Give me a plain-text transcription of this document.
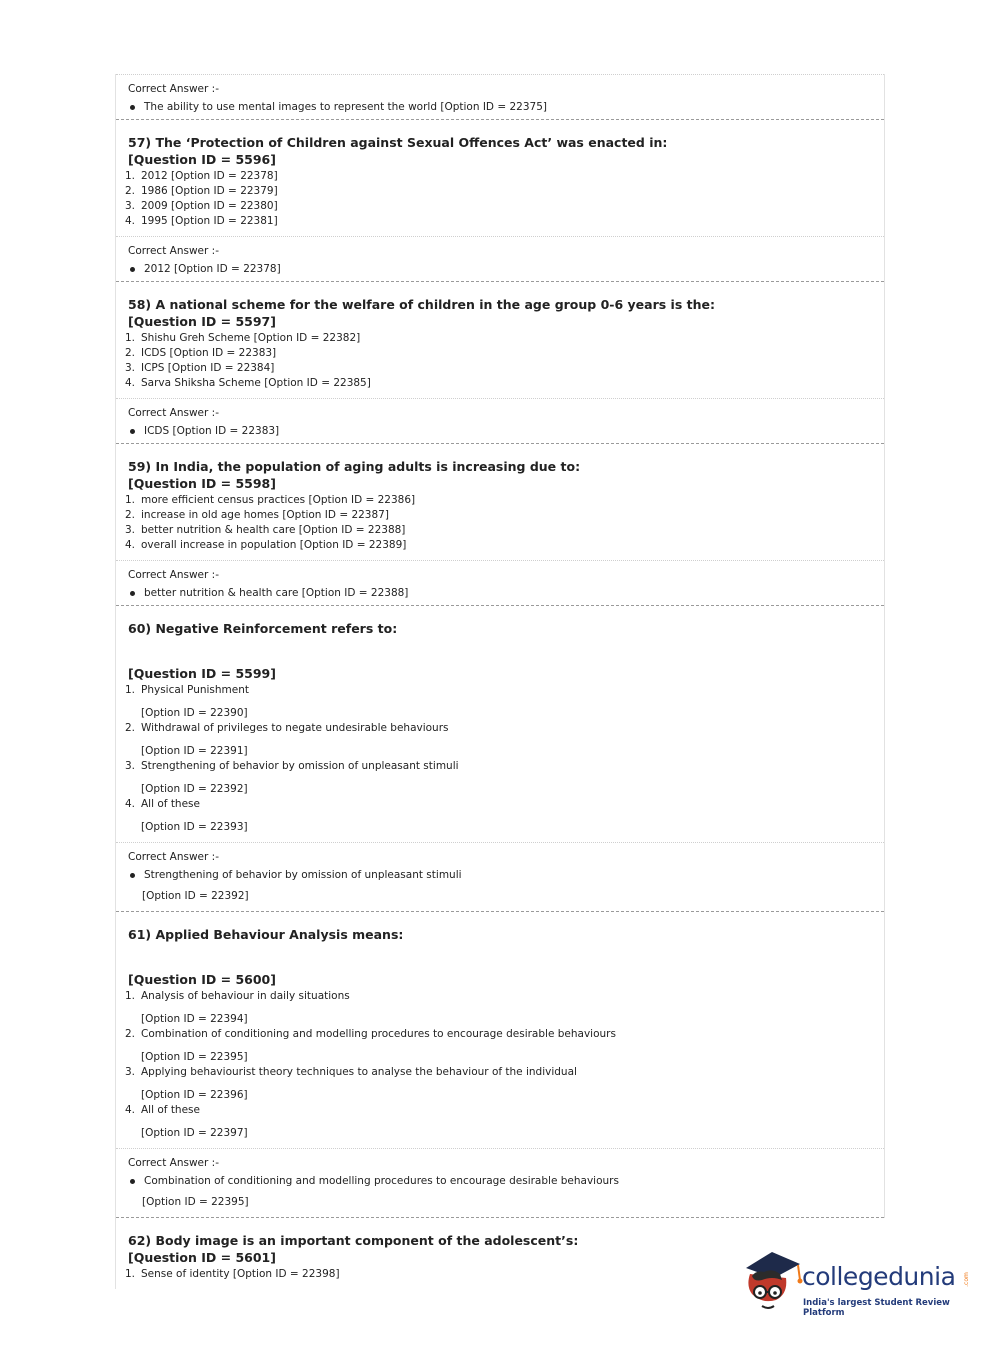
Correct Answer :-
The ability to use mental images to represent the world [Option ID = 22375]
57) The ‘Protection of Children against Sexual Offences Act’ was enacted in:
[Question ID = 5596]
1. 2012 [Option ID = 22378]
2. 1986 [Option ID = 22379]
3. 2009 [Option ID = 22380]
4. 1995 [Option ID = 22381]
Correct Answer :-
2012 [Option ID = 22378]
58) A national scheme for the welfare of children in the age group 0-6 years is the:
[Question ID = 5597]
1. Shishu Greh Scheme [Option ID = 22382]
2. ICDS [Option ID = 22383]
3. ICPS [Option ID = 22384]
4. Sarva Shiksha Scheme [Option ID = 22385]
Correct Answer :-
ICDS [Option ID = 22383]
59) In India, the population of aging adults is increasing due to:
[Question ID = 5598]
1. more efficient census practices [Option ID = 22386]
2. increase in old age homes [Option ID = 22387]
3. better nutrition & health care [Option ID = 22388]
4. overall increase in population [Option ID = 22389]
Correct Answer :-
better nutrition & health care [Option ID = 22388]
60) Negative Reinforcement refers to:
[Question ID = 5599]
1. Physical Punishment
[Option ID = 22390]
2. Withdrawal of privileges to negate undesirable behaviours
[Option ID = 22391]
3. Strengthening of behavior by omission of unpleasant stimuli
[Option ID = 22392]
4. All of these
[Option ID = 22393]
Correct Answer :-
Strengthening of behavior by omission of unpleasant stimuli
[Option ID = 22392]
61) Applied Behaviour Analysis means:
[Question ID = 5600]
1. Analysis of behaviour in daily situations
[Option ID = 22394]
2. Combination of conditioning and modelling procedures to encourage desirable behaviours
[Option ID = 22395]
3. Applying behaviourist theory techniques to analyse the behaviour of the individual
[Option ID = 22396]
4. All of these
[Option ID = 22397]
Correct Answer :-
Combination of conditioning and modelling procedures to encourage desirable behaviours
[Option ID = 22395]
62) Body image is an important component of the adolescent’s:
[Question ID = 5601]
1. Sense of identity [Option ID = 22398]	collegedunia .com
India's largest Student Review Platform
